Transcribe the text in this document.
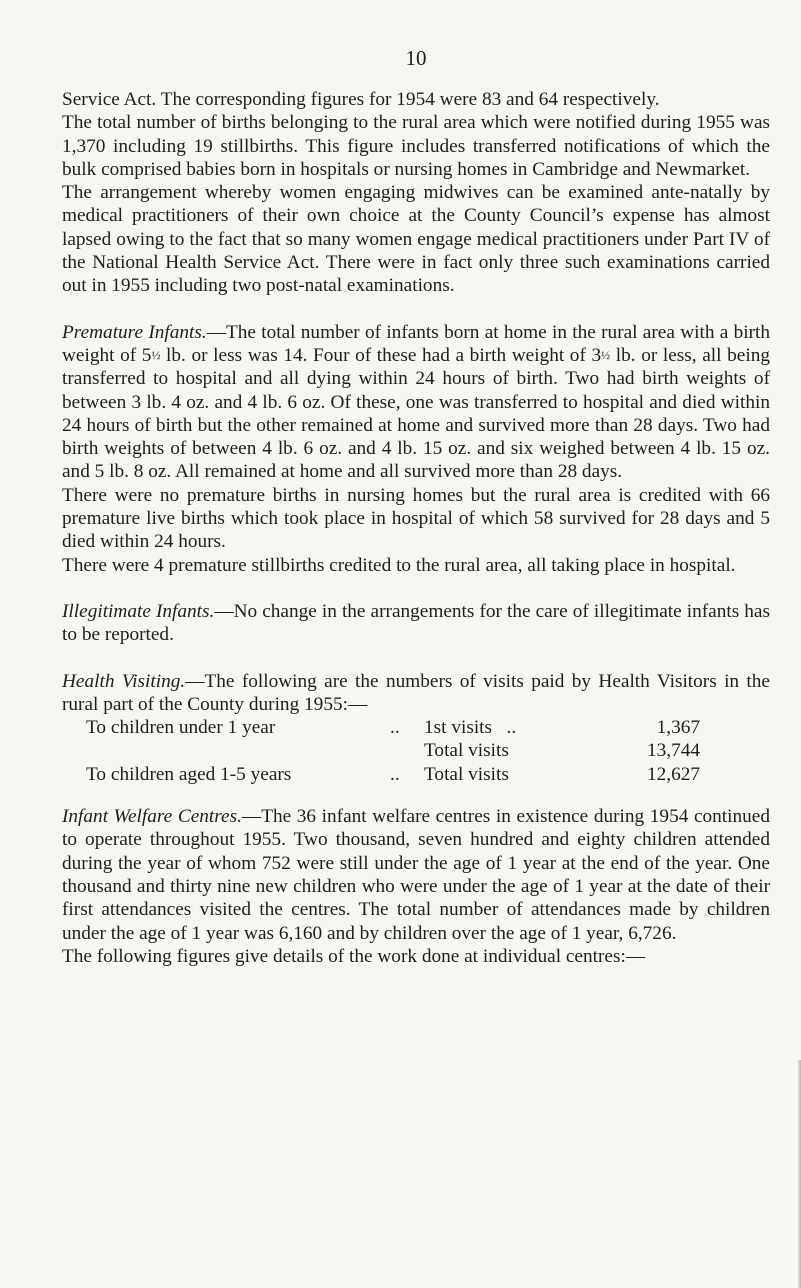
10

Service Act. The corresponding figures for 1954 were 83 and 64 respectively.

The total number of births belonging to the rural area which were notified during 1955 was 1,370 including 19 stillbirths. This figure includes transferred notifications of which the bulk comprised babies born in hospitals or nursing homes in Cambridge and Newmarket.

The arrangement whereby women engaging midwives can be examined ante-natally by medical practitioners of their own choice at the County Council’s expense has almost lapsed owing to the fact that so many women engage medical practitioners under Part IV of the National Health Service Act. There were in fact only three such examinations carried out in 1955 including two post-natal examinations.

Premature Infants.—The total number of infants born at home in the rural area with a birth weight of 5½ lb. or less was 14. Four of these had a birth weight of 3½ lb. or less, all being transferred to hospital and all dying within 24 hours of birth. Two had birth weights of between 3 lb. 4 oz. and 4 lb. 6 oz. Of these, one was transferred to hospital and died within 24 hours of birth but the other remained at home and survived more than 28 days. Two had birth weights of between 4 lb. 6 oz. and 4 lb. 15 oz. and six weighed between 4 lb. 15 oz. and 5 lb. 8 oz. All remained at home and all survived more than 28 days.

There were no premature births in nursing homes but the rural area is credited with 66 premature live births which took place in hospital of which 58 survived for 28 days and 5 died within 24 hours.

There were 4 premature stillbirths credited to the rural area, all taking place in hospital.

Illegitimate Infants.—No change in the arrangements for the care of illegitimate infants has to be reported.

Health Visiting.—The following are the numbers of visits paid by Health Visitors in the rural part of the County during 1955:—

To children under 1 year	..	1st visits ..	1,367
		Total visits	13,744
To children aged 1-5 years	..	Total visits	12,627

Infant Welfare Centres.—The 36 infant welfare centres in existence during 1954 continued to operate throughout 1955. Two thousand, seven hundred and eighty children attended during the year of whom 752 were still under the age of 1 year at the end of the year. One thousand and thirty nine new children who were under the age of 1 year at the date of their first attendances visited the centres. The total number of attendances made by children under the age of 1 year was 6,160 and by children over the age of 1 year, 6,726.

The following figures give details of the work done at individual centres:—
